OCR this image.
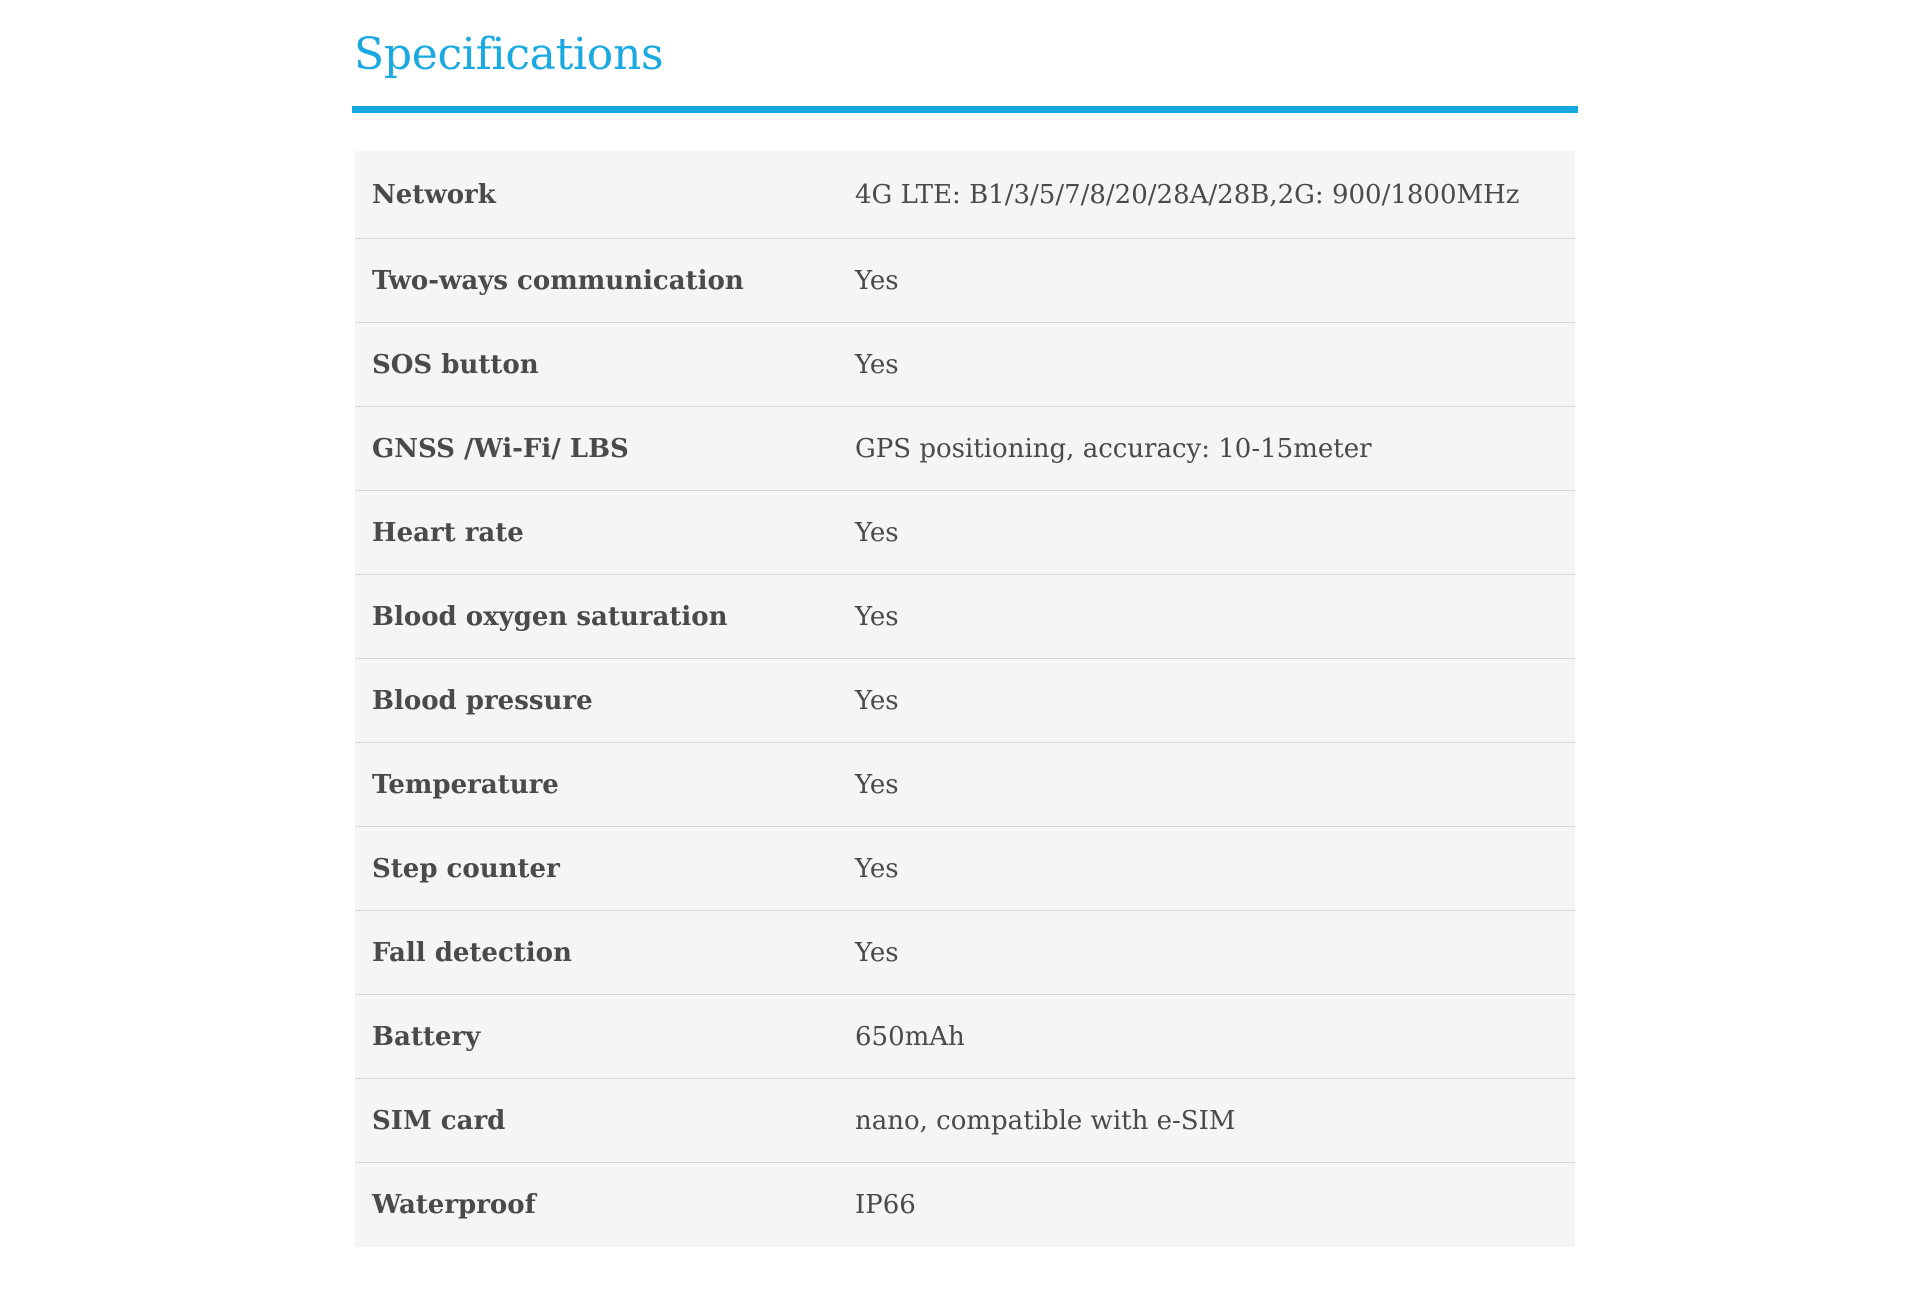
Specifications
Network	4G LTE: B1/3/5/7/8/20/28A/28B,2G: 900/1800MHz
Two-ways communication	Yes
SOS button	Yes
GNSS /Wi-Fi/ LBS	GPS positioning, accuracy: 10-15meter
Heart rate	Yes
Blood oxygen saturation	Yes
Blood pressure	Yes
Temperature	Yes
Step counter	Yes
Fall detection	Yes
Battery	650mAh
SIM card	nano, compatible with e-SIM
Waterproof	IP66
